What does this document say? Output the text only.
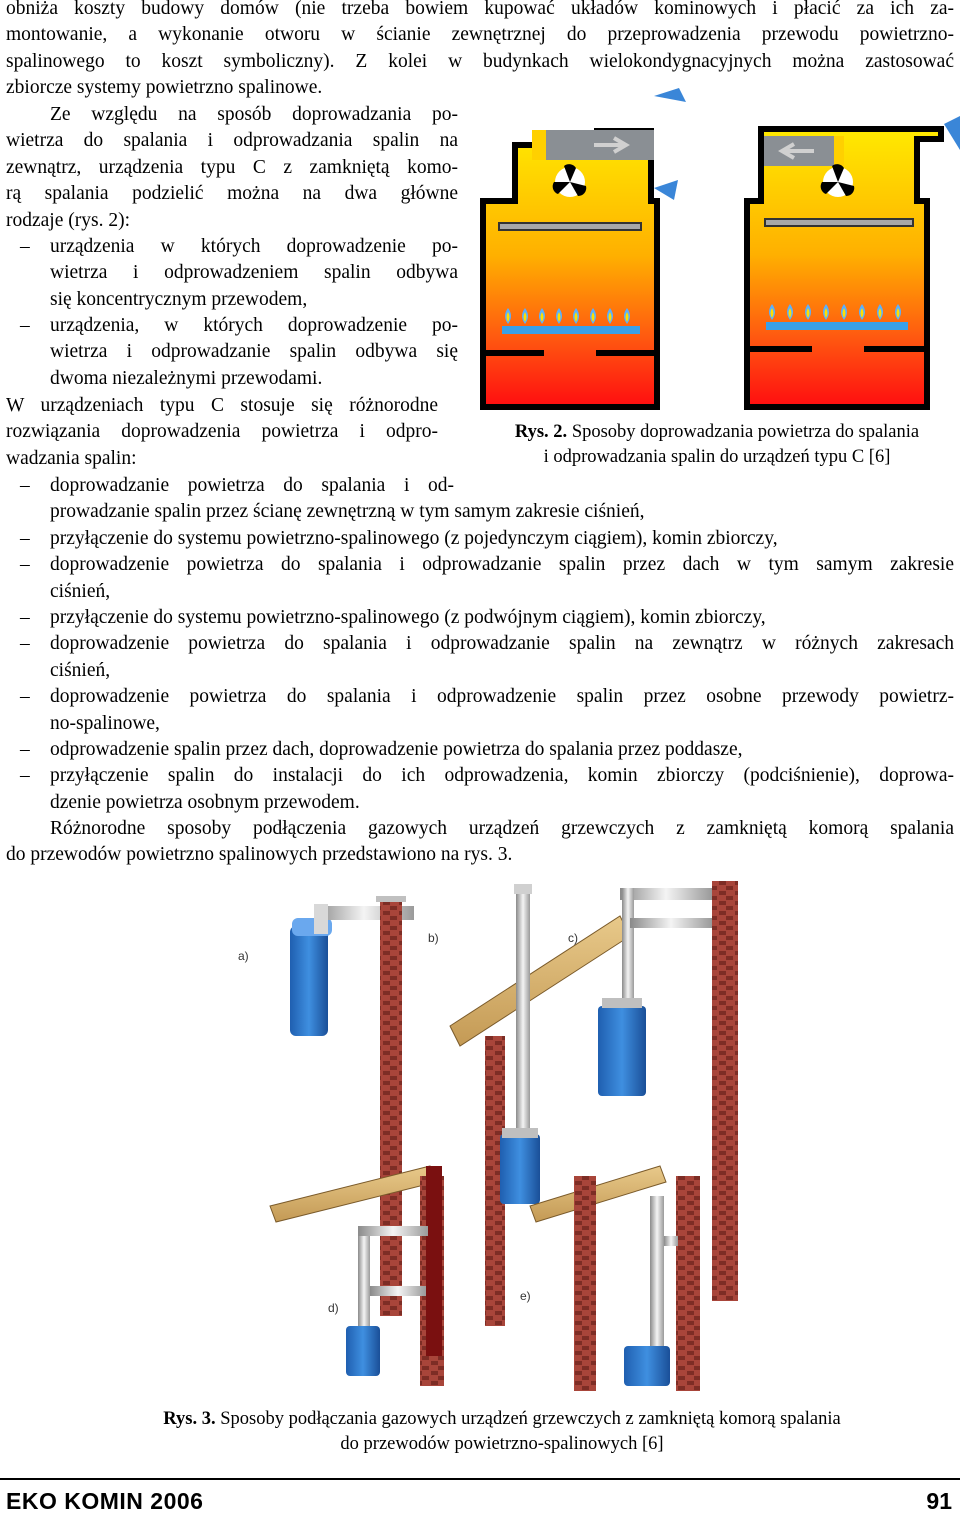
obniża koszty budowy domów (nie trzeba bowiem kupować układów kominowych i płacić za ich za-
montowanie, a wykonanie otworu w ścianie zewnętrznej do przeprowadzenia przewodu powietrzno-
spalinowego to koszt symboliczny). Z kolei w budynkach wielokondygnacyjnych można zastosować
zbiorcze systemy powietrzno spalinowe.
Ze względu na sposób doprowadzania po-
wietrza do spalania i odprowadzania spalin na
zewnątrz, urządzenia typu C z zamkniętą komo-
rą spalania podzielić można na dwa główne
rodzaje (rys. 2):
– urządzenia w których doprowadzenie po-
wietrza i odprowadzeniem spalin odbywa
się koncentrycznym przewodem,
– urządzenia, w których doprowadzenie po-
wietrza i odprowadzanie spalin odbywa się
dwoma niezależnymi przewodami.
W urządzeniach typu C stosuje się różnorodne
rozwiązania doprowadzenia powietrza i odpro-
wadzania spalin:
Rys. 2. Sposoby doprowadzania powietrza do spalania
i odprowadzania spalin do urządzeń typu C [6]
– doprowadzanie powietrza do spalania i od-
prowadzanie spalin przez ścianę zewnętrzną w tym samym zakresie ciśnień,
– przyłączenie do systemu powietrzno-spalinowego (z pojedynczym ciągiem), komin zbiorczy,
– doprowadzenie powietrza do spalania i odprowadzanie spalin przez dach w tym samym zakresie
ciśnień,
– przyłączenie do systemu powietrzno-spalinowego (z podwójnym ciągiem), komin zbiorczy,
– doprowadzenie powietrza do spalania i odprowadzanie spalin na zewnątrz w różnych zakresach
ciśnień,
– doprowadzenie powietrza do spalania i odprowadzenie spalin przez osobne przewody powietrz-
no-spalinowe,
– odprowadzenie spalin przez dach, doprowadzenie powietrza do spalania przez poddasze,
– przyłączenie spalin do instalacji do ich odprowadzenia, komin zbiorczy (podciśnienie), doprowa-
dzenie powietrza osobnym przewodem.
Różnorodne sposoby podłączenia gazowych urządzeń grzewczych z zamkniętą komorą spalania
do przewodów powietrzno spalinowych przedstawiono na rys. 3.
a)
b)	c)
d)
e)
Rys. 3. Sposoby podłączania gazowych urządzeń grzewczych z zamkniętą komorą spalania
do przewodów powietrzno-spalinowych [6]
EKO KOMIN 2006	91
